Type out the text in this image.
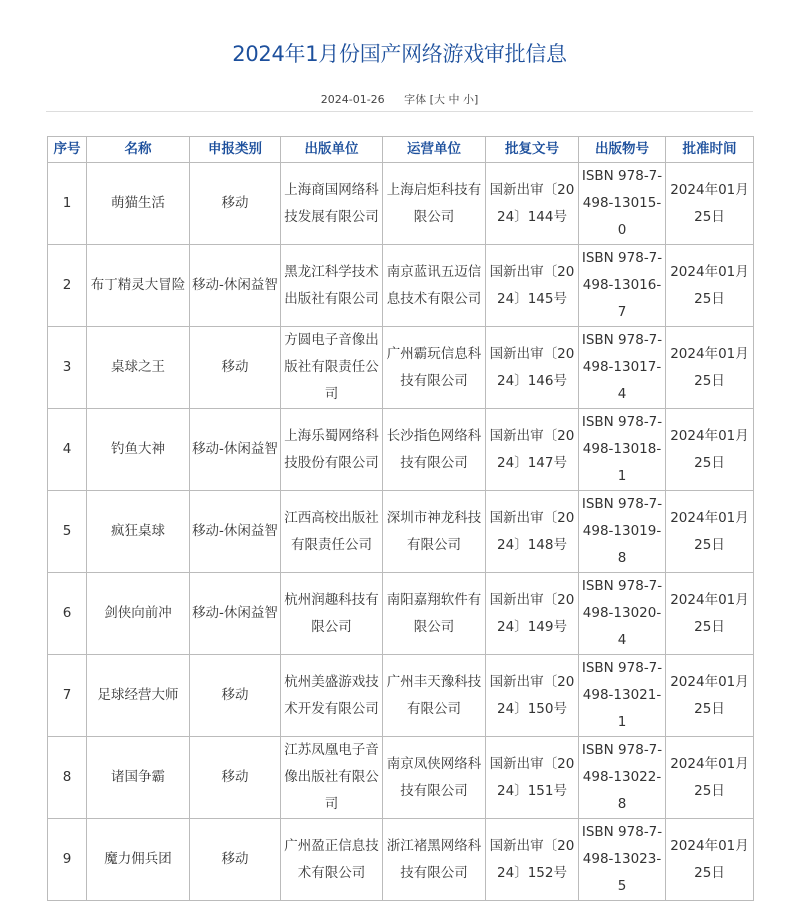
2024年1月份国产网络游戏审批信息
2024-01-26 字体 [大 中 小]
序号	名称	申报类别	出版单位	运营单位	批复文号	出版物号	批准时间
1	萌猫生活	移动	上海商国网络科技发展有限公司	上海启炬科技有限公司	国新出审〔2024〕144号	ISBN 978-7-498-13015-0	2024年01月25日
2	布丁精灵大冒险	移动-休闲益智	黑龙江科学技术出版社有限公司	南京蓝讯五迈信息技术有限公司	国新出审〔2024〕145号	ISBN 978-7-498-13016-7	2024年01月25日
3	桌球之王	移动	方圆电子音像出版社有限责任公司	广州霸玩信息科技有限公司	国新出审〔2024〕146号	ISBN 978-7-498-13017-4	2024年01月25日
4	钓鱼大神	移动-休闲益智	上海乐蜀网络科技股份有限公司	长沙指色网络科技有限公司	国新出审〔2024〕147号	ISBN 978-7-498-13018-1	2024年01月25日
5	疯狂桌球	移动-休闲益智	江西高校出版社有限责任公司	深圳市神龙科技有限公司	国新出审〔2024〕148号	ISBN 978-7-498-13019-8	2024年01月25日
6	剑侠向前冲	移动-休闲益智	杭州润趣科技有限公司	南阳嘉翔软件有限公司	国新出审〔2024〕149号	ISBN 978-7-498-13020-4	2024年01月25日
7	足球经营大师	移动	杭州美盛游戏技术开发有限公司	广州丰天豫科技有限公司	国新出审〔2024〕150号	ISBN 978-7-498-13021-1	2024年01月25日
8	诸国争霸	移动	江苏凤凰电子音像出版社有限公司	南京凤侠网络科技有限公司	国新出审〔2024〕151号	ISBN 978-7-498-13022-8	2024年01月25日
9	魔力佣兵团	移动	广州盈正信息技术有限公司	浙江褚黑网络科技有限公司	国新出审〔2024〕152号	ISBN 978-7-498-13023-5	2024年01月25日
